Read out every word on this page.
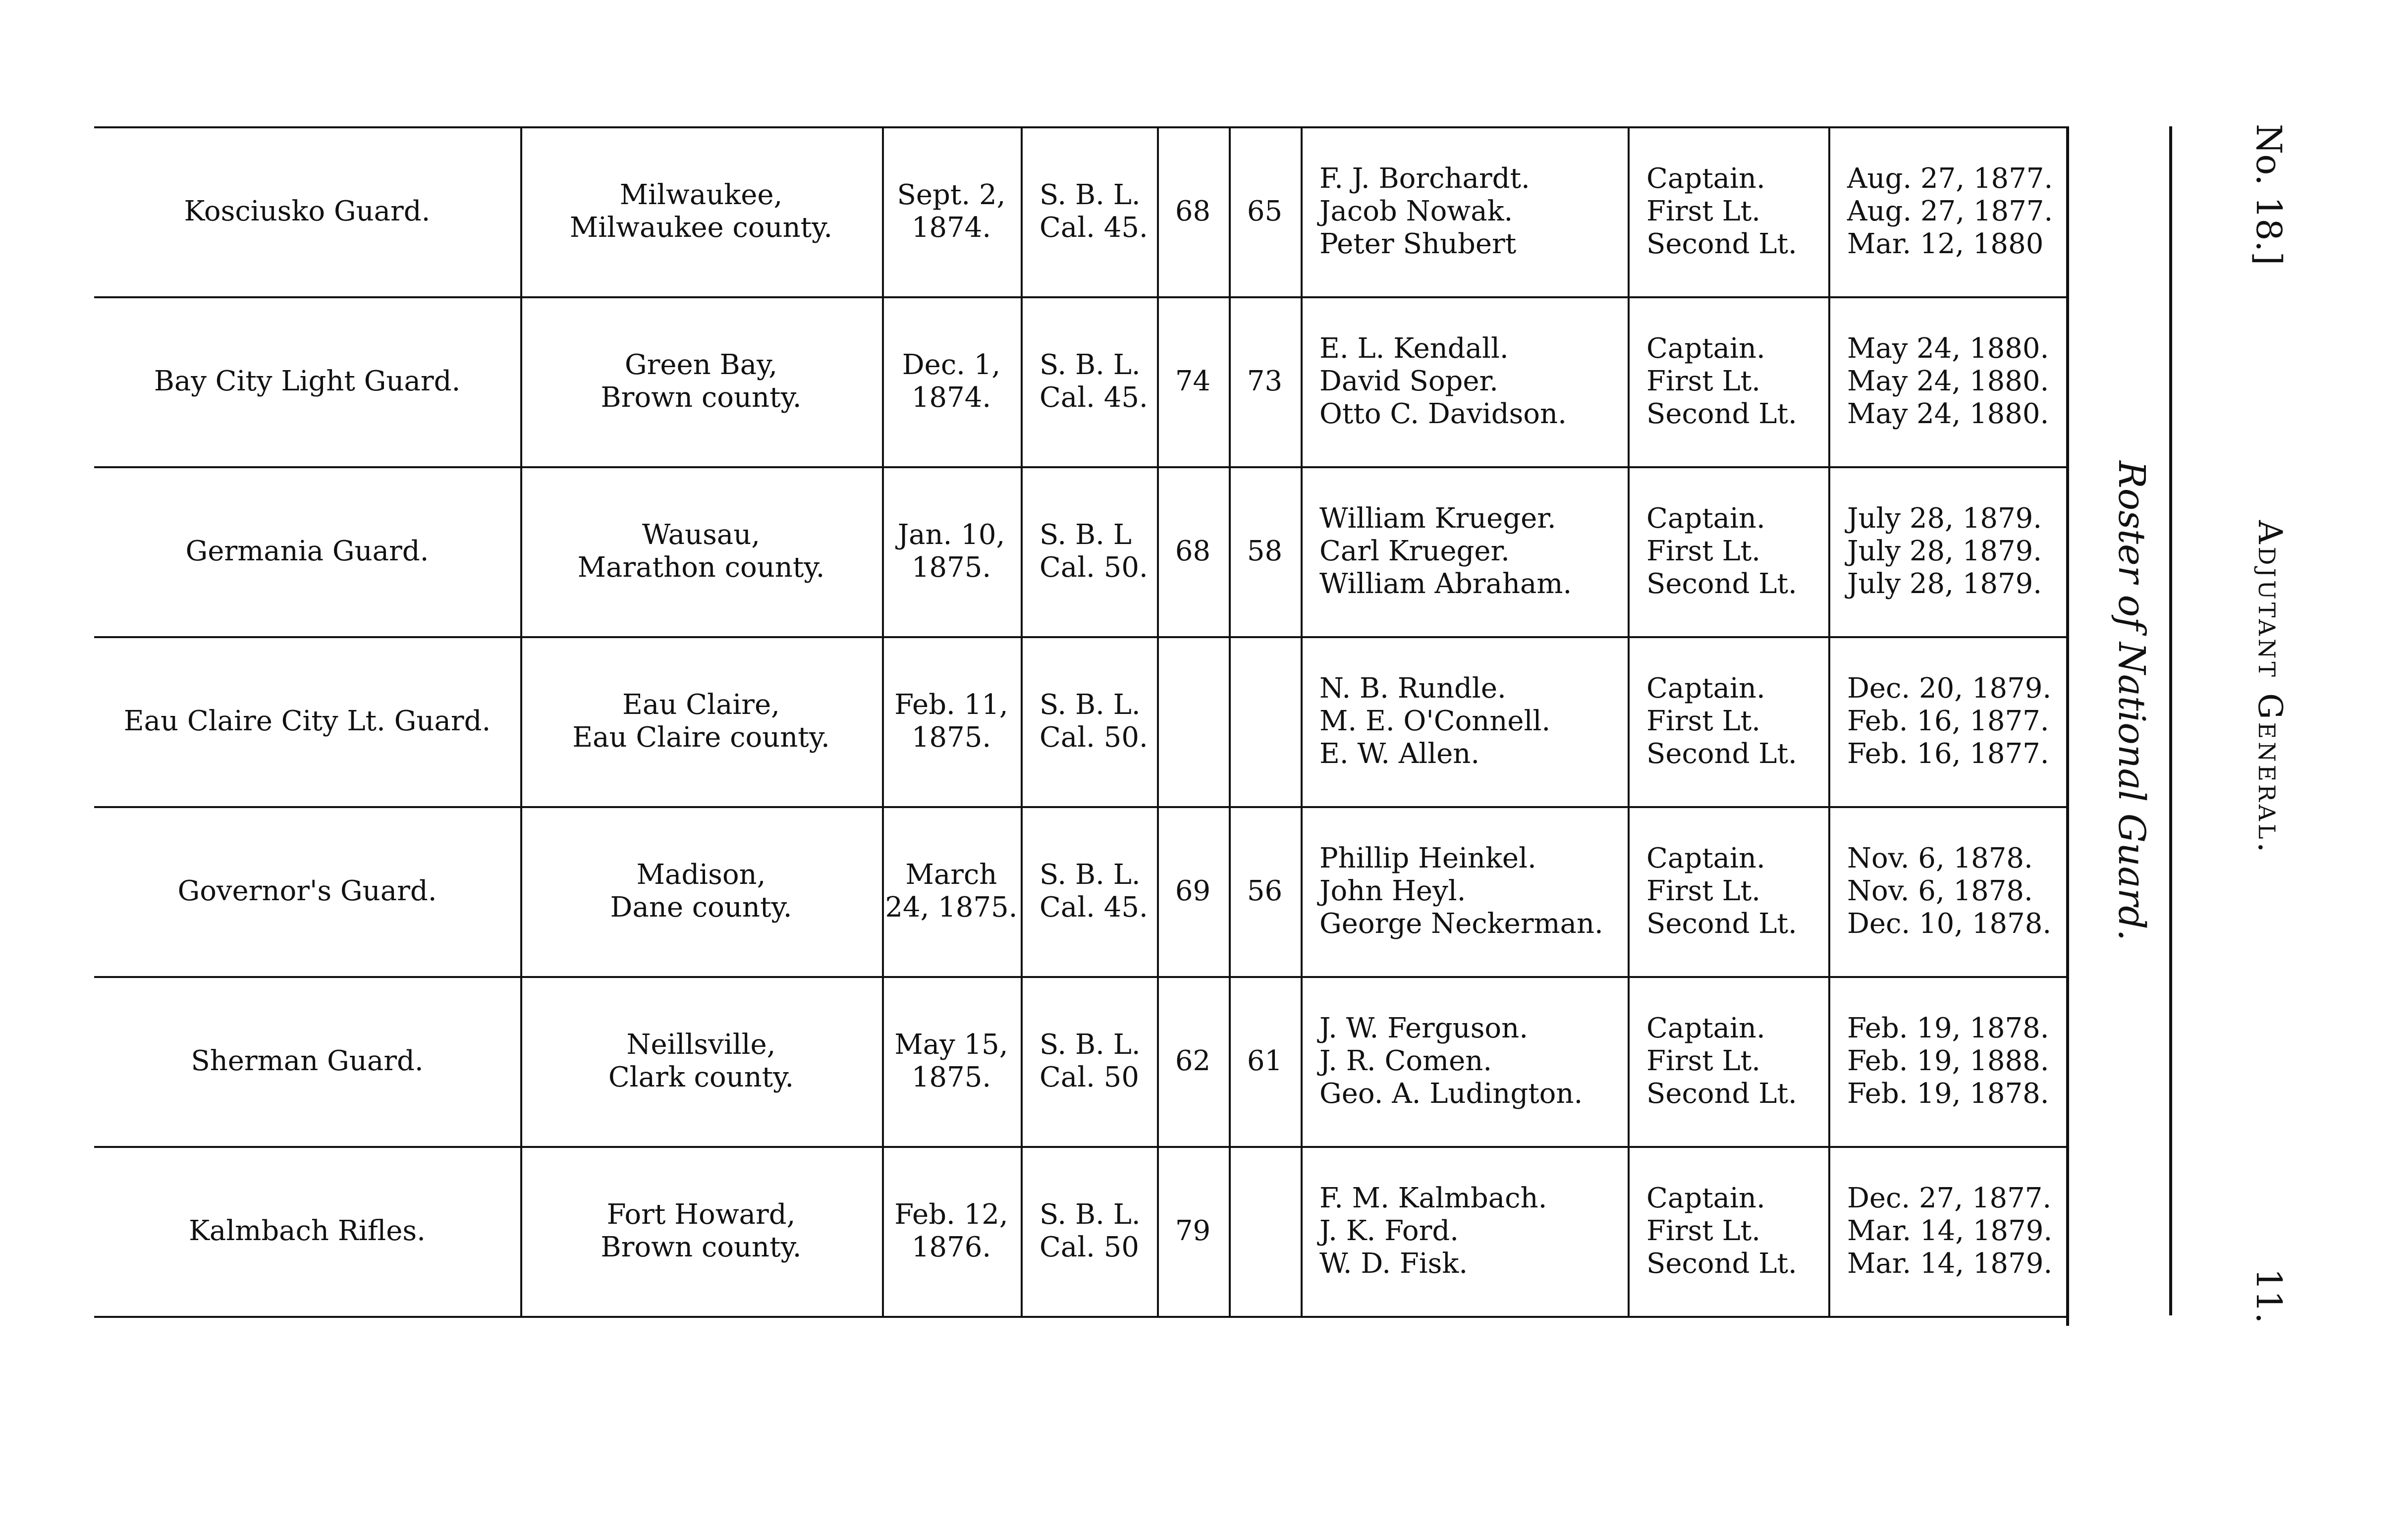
No. 18.]
Adjutant General.
Roster of National Guard.
11.
Kosciusko Guard.
Milwaukee,
Milwaukee county.
Sept. 2,
1874.
S. B. L.
Cal. 45.
68 65
F. J. Borchardt.
Jacob Nowak.
Peter Shubert
Captain.
First Lt.
Second Lt.
Aug. 27, 1877.
Aug. 27, 1877.
Mar. 12, 1880
Bay City Light Guard.
Green Bay,
Brown county.
Dec. 1,
1874.
S. B. L.
Cal. 45.
74 73
E. L. Kendall.
David Soper.
Otto C. Davidson.
Captain.
First Lt.
Second Lt.
May 24, 1880.
May 24, 1880.
May 24, 1880.
Germania Guard.
Wausau,
Marathon county.
Jan. 10,
1875.
S. B. L
Cal. 50.
68 58
William Krueger.
Carl Krueger.
William Abraham.
Captain.
First Lt.
Second Lt.
July 28, 1879.
July 28, 1879.
July 28, 1879.
Eau Claire City Lt. Guard.
Eau Claire,
Eau Claire county.
Feb. 11,
1875.
S. B. L.
Cal. 50.
N. B. Rundle.
M. E. O'Connell.
E. W. Allen.
Captain.
First Lt.
Second Lt.
Dec. 20, 1879.
Feb. 16, 1877.
Feb. 16, 1877.
Governor's Guard.
Madison,
Dane county.
March
24, 1875.
S. B. L.
Cal. 45.
69 56
Phillip Heinkel.
John Heyl.
George Neckerman.
Captain.
First Lt.
Second Lt.
Nov. 6, 1878.
Nov. 6, 1878.
Dec. 10, 1878.
Sherman Guard.
Neillsville,
Clark county.
May 15,
1875.
S. B. L.
Cal. 50
62 61
J. W. Ferguson.
J. R. Comen.
Geo. A. Ludington.
Captain.
First Lt.
Second Lt.
Feb. 19, 1878.
Feb. 19, 1888.
Feb. 19, 1878.
Kalmbach Rifles.
Fort Howard,
Brown county.
Feb. 12,
1876.
S. B. L.
Cal. 50
79
F. M. Kalmbach.
J. K. Ford.
W. D. Fisk.
Captain.
First Lt.
Second Lt.
Dec. 27, 1877.
Mar. 14, 1879.
Mar. 14, 1879.
